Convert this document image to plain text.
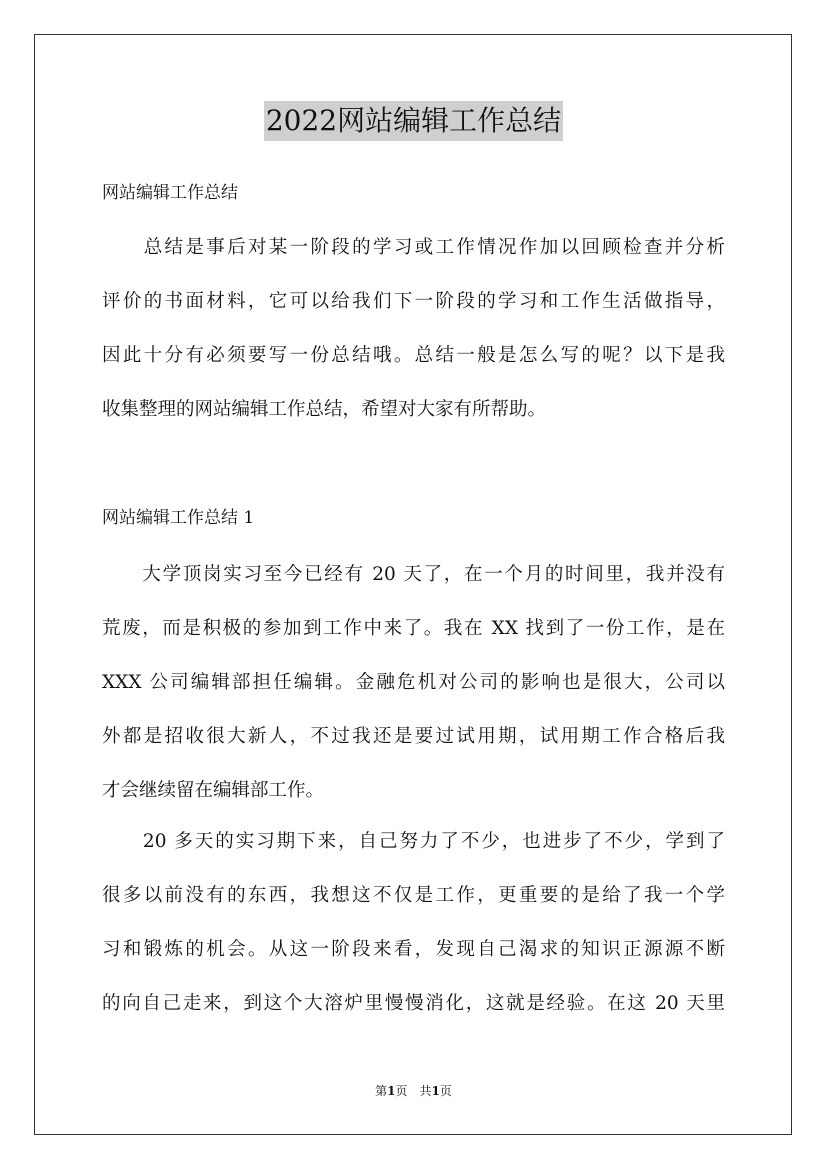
2022网站编辑工作总结
网站编辑工作总结
　　总结是事后对某一阶段的学习或工作情况作加以回顾检查并分析
评价的书面材料，它可以给我们下一阶段的学习和工作生活做指导，
因此十分有必须要写一份总结哦。总结一般是怎么写的呢？以下是我
收集整理的网站编辑工作总结，希望对大家有所帮助。
网站编辑工作总结 1
　　大学顶岗实习至今已经有 20 天了，在一个月的时间里，我并没有
荒废，而是积极的参加到工作中来了。我在 XX 找到了一份工作，是在
XXX 公司编辑部担任编辑。金融危机对公司的影响也是很大，公司以
外都是招收很大新人，不过我还是要过试用期，试用期工作合格后我
才会继续留在编辑部工作。
　　20 多天的实习期下来，自己努力了不少，也进步了不少，学到了
很多以前没有的东西，我想这不仅是工作，更重要的是给了我一个学
习和锻炼的机会。从这一阶段来看，发现自己渴求的知识正源源不断
的向自己走来，到这个大溶炉里慢慢消化，这就是经验。在这 20 天里
第1页　共1页
